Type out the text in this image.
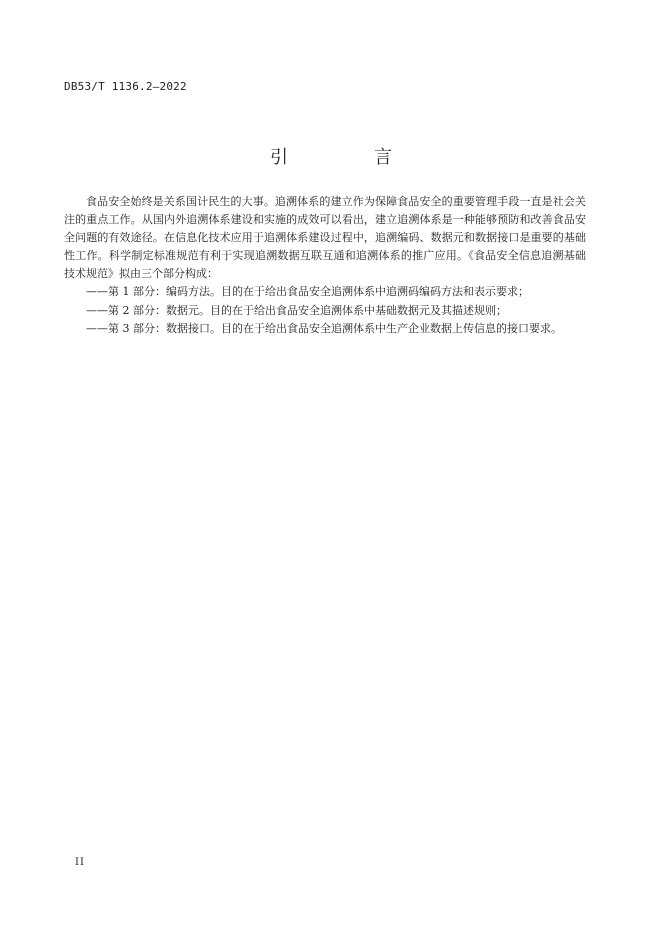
DB53/T 1136.2—2022
引　言

食品安全始终是关系国计民生的大事。追溯体系的建立作为保障食品安全的重要管理手段一直是社会关注的重点工作。从国内外追溯体系建设和实施的成效可以看出，建立追溯体系是一种能够预防和改善食品安全问题的有效途径。在信息化技术应用于追溯体系建设过程中，追溯编码、数据元和数据接口是重要的基础性工作。科学制定标准规范有利于实现追溯数据互联互通和追溯体系的推广应用。《食品安全信息追溯基础技术规范》拟由三个部分构成：

——第 1 部分：编码方法。目的在于给出食品安全追溯体系中追溯码编码方法和表示要求；

——第 2 部分：数据元。目的在于给出食品安全追溯体系中基础数据元及其描述规则；

——第 3 部分：数据接口。目的在于给出食品安全追溯体系中生产企业数据上传信息的接口要求。

II
